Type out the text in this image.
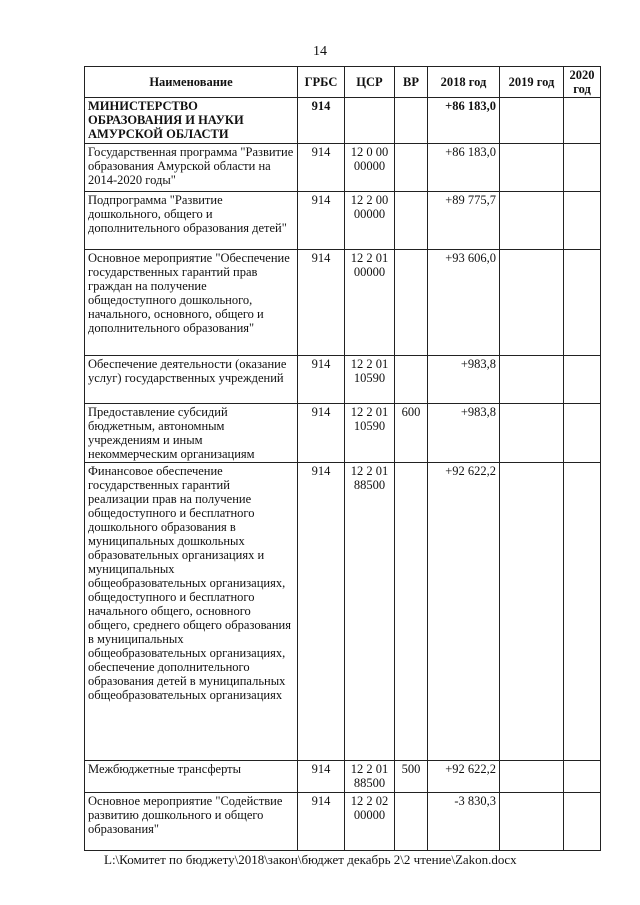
14
Наименование	ГРБС	ЦСР	ВР	2018 год	2019 год	2020 год
МИНИСТЕРСТВО ОБРАЗОВАНИЯ И НАУКИ АМУРСКОЙ ОБЛАСТИ	914			+86 183,0		
Государственная программа "Развитие образования Амурской области на 2014-2020 годы"	914	12 0 00 00000		+86 183,0		
Подпрограмма "Развитие дошкольного, общего и дополнительного образования детей"	914	12 2 00 00000		+89 775,7		
Основное мероприятие "Обеспечение государственных гарантий прав граждан на получение общедоступного дошкольного, начального, основного, общего и дополнительного образования"	914	12 2 01 00000		+93 606,0		
Обеспечение деятельности (оказание услуг) государственных учреждений	914	12 2 01 10590		+983,8		
Предоставление субсидий бюджетным, автономным учреждениям и иным некоммерческим организациям	914	12 2 01 10590	600	+983,8		
Финансовое обеспечение государственных гарантий реализации прав на получение общедоступного и бесплатного дошкольного образования в муниципальных дошкольных образовательных организациях и муниципальных общеобразовательных организациях, общедоступного и бесплатного начального общего, основного общего, среднего общего образования в муниципальных общеобразовательных организациях, обеспечение дополнительного образования детей в муниципальных общеобразовательных организациях	914	12 2 01 88500		+92 622,2		
Межбюджетные трансферты	914	12 2 01 88500	500	+92 622,2		
Основное мероприятие "Содействие развитию дошкольного и общего образования"	914	12 2 02 00000		-3 830,3		
L:\Комитет по бюджету\2018\закон\бюджет декабрь 2\2 чтение\Zakon.docx
